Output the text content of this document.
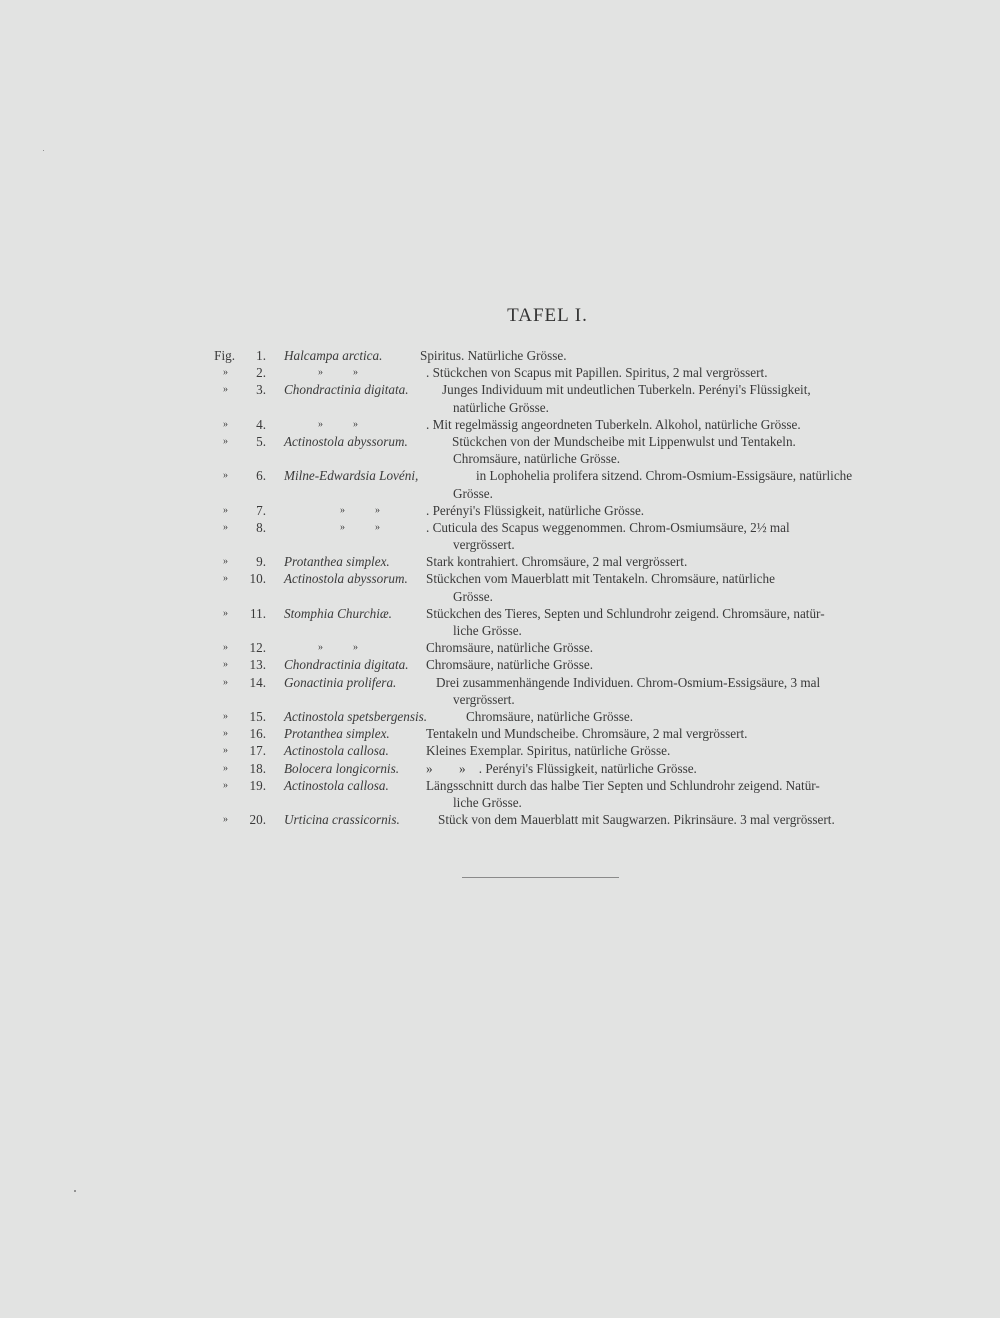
TAFEL I.
Fig.	1. Halcampa arctica.	Spiritus. Natürliche Grösse.
»	2.	»            »	. Stückchen von Scapus mit Papillen. Spiritus, 2 mal vergrössert.
»	3. Chondractinia digitata.	Junges Individuum mit undeutlichen Tuberkeln. Perényi's Flüssigkeit,
natürliche Grösse.
»	4.	»            »	. Mit regelmässig angeordneten Tuberkeln. Alkohol, natürliche Grösse.
»	5. Actinostola abyssorum.	Stückchen von der Mundscheibe mit Lippenwulst und Tentakeln.
Chromsäure, natürliche Grösse.
»	6. Milne-Edwardsia Lovéni,	in Lophohelia prolifera sitzend. Chrom-Osmium-Essigsäure, natürliche
Grösse.
»	7.	»            »	. Perényi's Flüssigkeit, natürliche Grösse.
»	8.	»            »	. Cuticula des Scapus weggenommen. Chrom-Osmiumsäure, 2½ mal
vergrössert.
»	9. Protanthea simplex.	Stark kontrahiert. Chromsäure, 2 mal vergrössert.
»	10. Actinostola abyssorum. Stückchen vom Mauerblatt mit Tentakeln. Chromsäure, natürliche
Grösse.
»	11. Stomphia Churchiæ.	Stückchen des Tieres, Septen und Schlundrohr zeigend. Chromsäure, natür-
liche Grösse.
»	12.	»            »	Chromsäure, natürliche Grösse.
»	13. Chondractinia digitata. Chromsäure, natürliche Grösse.
»	14. Gonactinia prolifera.	Drei zusammenhängende Individuen. Chrom-Osmium-Essigsäure, 3 mal
vergrössert.
»	15. Actinostola spetsbergensis.	Chromsäure, natürliche Grösse.
»	16. Protanthea simplex.	Tentakeln und Mundscheibe. Chromsäure, 2 mal vergrössert.
»	17. Actinostola callosa.	Kleines Exemplar. Spiritus, natürliche Grösse.
»	18. Bolocera longicornis. »        »    . Perényi's Flüssigkeit, natürliche Grösse.
»	19. Actinostola callosa.	Längsschnitt durch das halbe Tier Septen und Schlundrohr zeigend. Natür-
liche Grösse.
»	20. Urticina crassicornis.	Stück von dem Mauerblatt mit Saugwarzen. Pikrinsäure. 3 mal vergrössert.
